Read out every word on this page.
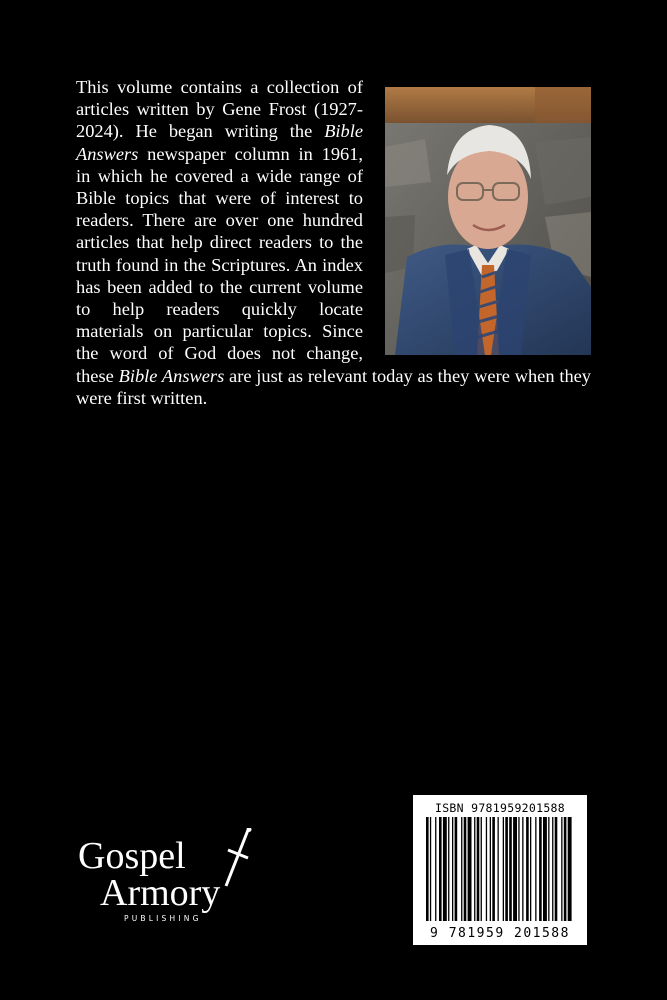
This volume contains a collection of articles written by Gene Frost (1927-2024). He began writing the Bible Answers newspaper column in 1961, in which he covered a wide range of Bible topics that were of interest to readers. There are over one hundred articles that help direct readers to the truth found in the Scriptures. An index has been added to the current volume to help readers quickly locate materials on particular topics. Since the word of God does not change, these Bible Answers are just as relevant today as they were when they were first written.

Gospel
Armory
PUBLISHING
ISBN 9781959201588
9 781959 201588
